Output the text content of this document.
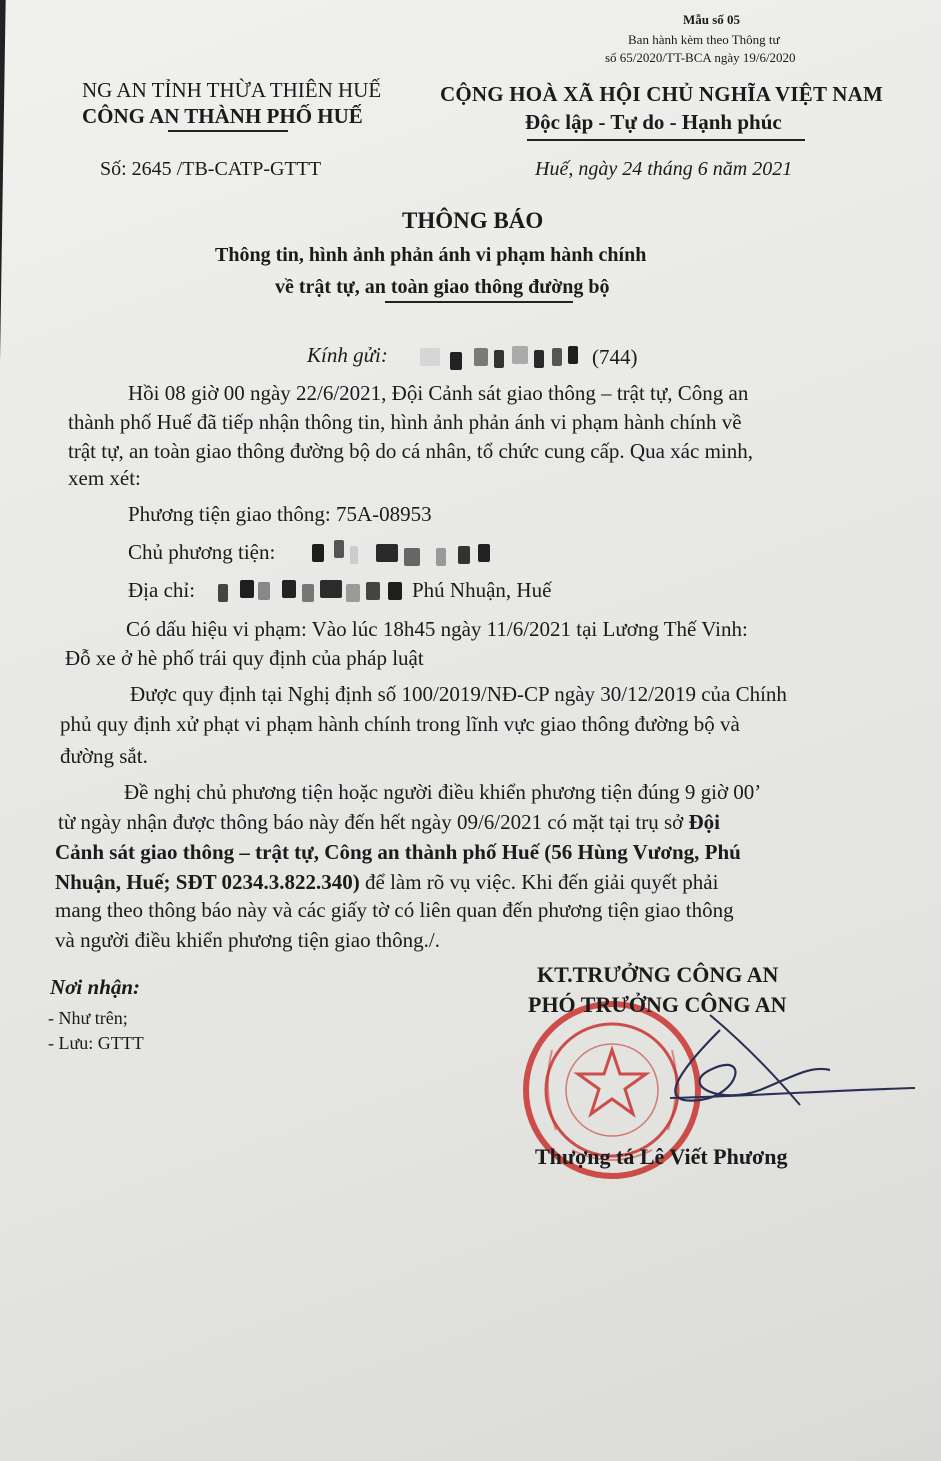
Mẫu số 05
Ban hành kèm theo Thông tư
số 65/2020/TT-BCA ngày 19/6/2020
NG AN TỈNH THỪA THIÊN HUẾ
CÔNG AN THÀNH PHỐ HUẾ
CỘNG HOÀ XÃ HỘI CHỦ NGHĨA VIỆT NAM
Độc lập - Tự do - Hạnh phúc
Số: 2645 /TB-CATP-GTTT	Huế, ngày 24 tháng 6 năm 2021
THÔNG BÁO
Thông tin, hình ảnh phản ánh vi phạm hành chính
về trật tự, an toàn giao thông đường bộ
Kính gửi:	(744)
Hồi 08 giờ 00 ngày 22/6/2021, Đội Cảnh sát giao thông – trật tự, Công an
thành phố Huế đã tiếp nhận thông tin, hình ảnh phản ánh vi phạm hành chính về
trật tự, an toàn giao thông đường bộ do cá nhân, tổ chức cung cấp. Qua xác minh,
xem xét:
Phương tiện giao thông: 75A-08953
Chủ phương tiện:
Địa chỉ:	Phú Nhuận, Huế
Có dấu hiệu vi phạm: Vào lúc 18h45 ngày 11/6/2021 tại Lương Thế Vinh:
Đỗ xe ở hè phố trái quy định của pháp luật
Được quy định tại Nghị định số 100/2019/NĐ-CP ngày 30/12/2019 của Chính
phủ quy định xử phạt vi phạm hành chính trong lĩnh vực giao thông đường bộ và
đường sắt.
Đề nghị chủ phương tiện hoặc người điều khiển phương tiện đúng 9 giờ 00’
từ ngày nhận được thông báo này đến hết ngày 09/6/2021 có mặt tại trụ sở Đội
Cảnh sát giao thông – trật tự, Công an thành phố Huế (56 Hùng Vương, Phú
Nhuận, Huế; SĐT 0234.3.822.340) để làm rõ vụ việc. Khi đến giải quyết phải
mang theo thông báo này và các giấy tờ có liên quan đến phương tiện giao thông
và người điều khiển phương tiện giao thông./.
Nơi nhận:
- Như trên;
- Lưu: GTTT
KT.TRƯỞNG CÔNG AN
PHÓ TRƯỞNG CÔNG AN
Thượng tá Lê Viết Phương
